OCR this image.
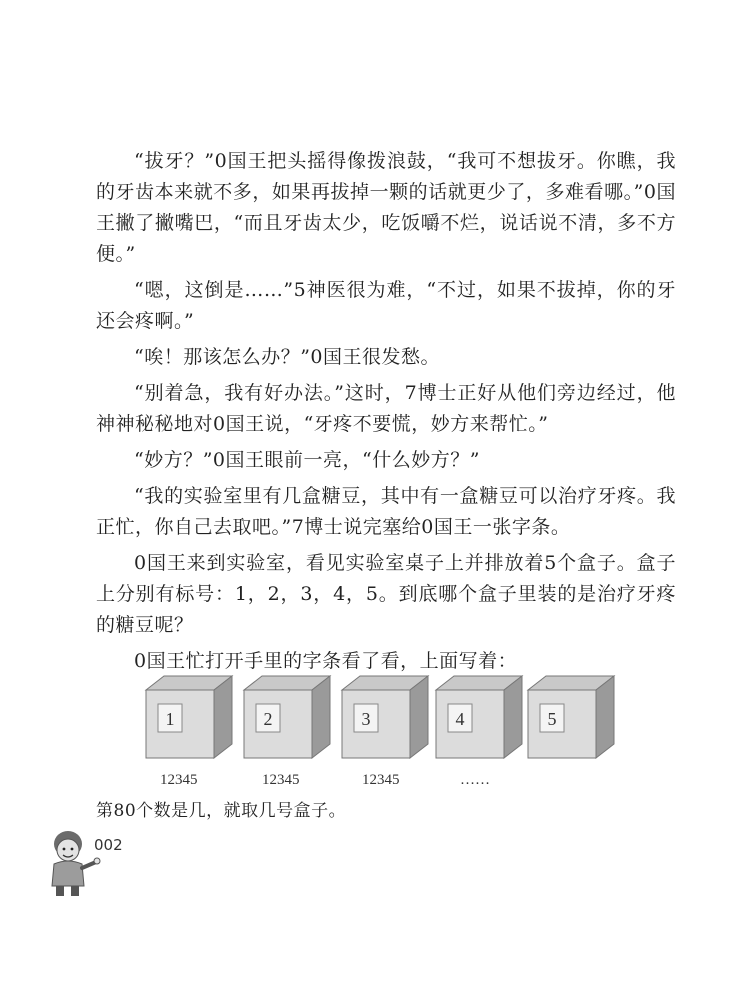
“拔牙？”0国王把头摇得像拨浪鼓，“我可不想拔牙。你瞧，我的牙齿本来就不多，如果再拔掉一颗的话就更少了，多难看哪。”0国王撇了撇嘴巴，“而且牙齿太少，吃饭嚼不烂，说话说不清，多不方便。”

“嗯，这倒是……”5神医很为难，“不过，如果不拔掉，你的牙还会疼啊。”

“唉！那该怎么办？”0国王很发愁。

“别着急，我有好办法。”这时，7博士正好从他们旁边经过，他神神秘秘地对0国王说，“牙疼不要慌，妙方来帮忙。”

“妙方？”0国王眼前一亮，“什么妙方？”

“我的实验室里有几盒糖豆，其中有一盒糖豆可以治疗牙疼。我正忙，你自己去取吧。”7博士说完塞给0国王一张字条。

0国王来到实验室，看见实验室桌子上并排放着5个盒子。盒子上分别有标号：1，2，3，4，5。到底哪个盒子里装的是治疗牙疼的糖豆呢？

0国王忙打开手里的字条看了看，上面写着：

1	2	3	4	5
12345	12345	12345	……
第80个数是几，就取几号盒子。
002
